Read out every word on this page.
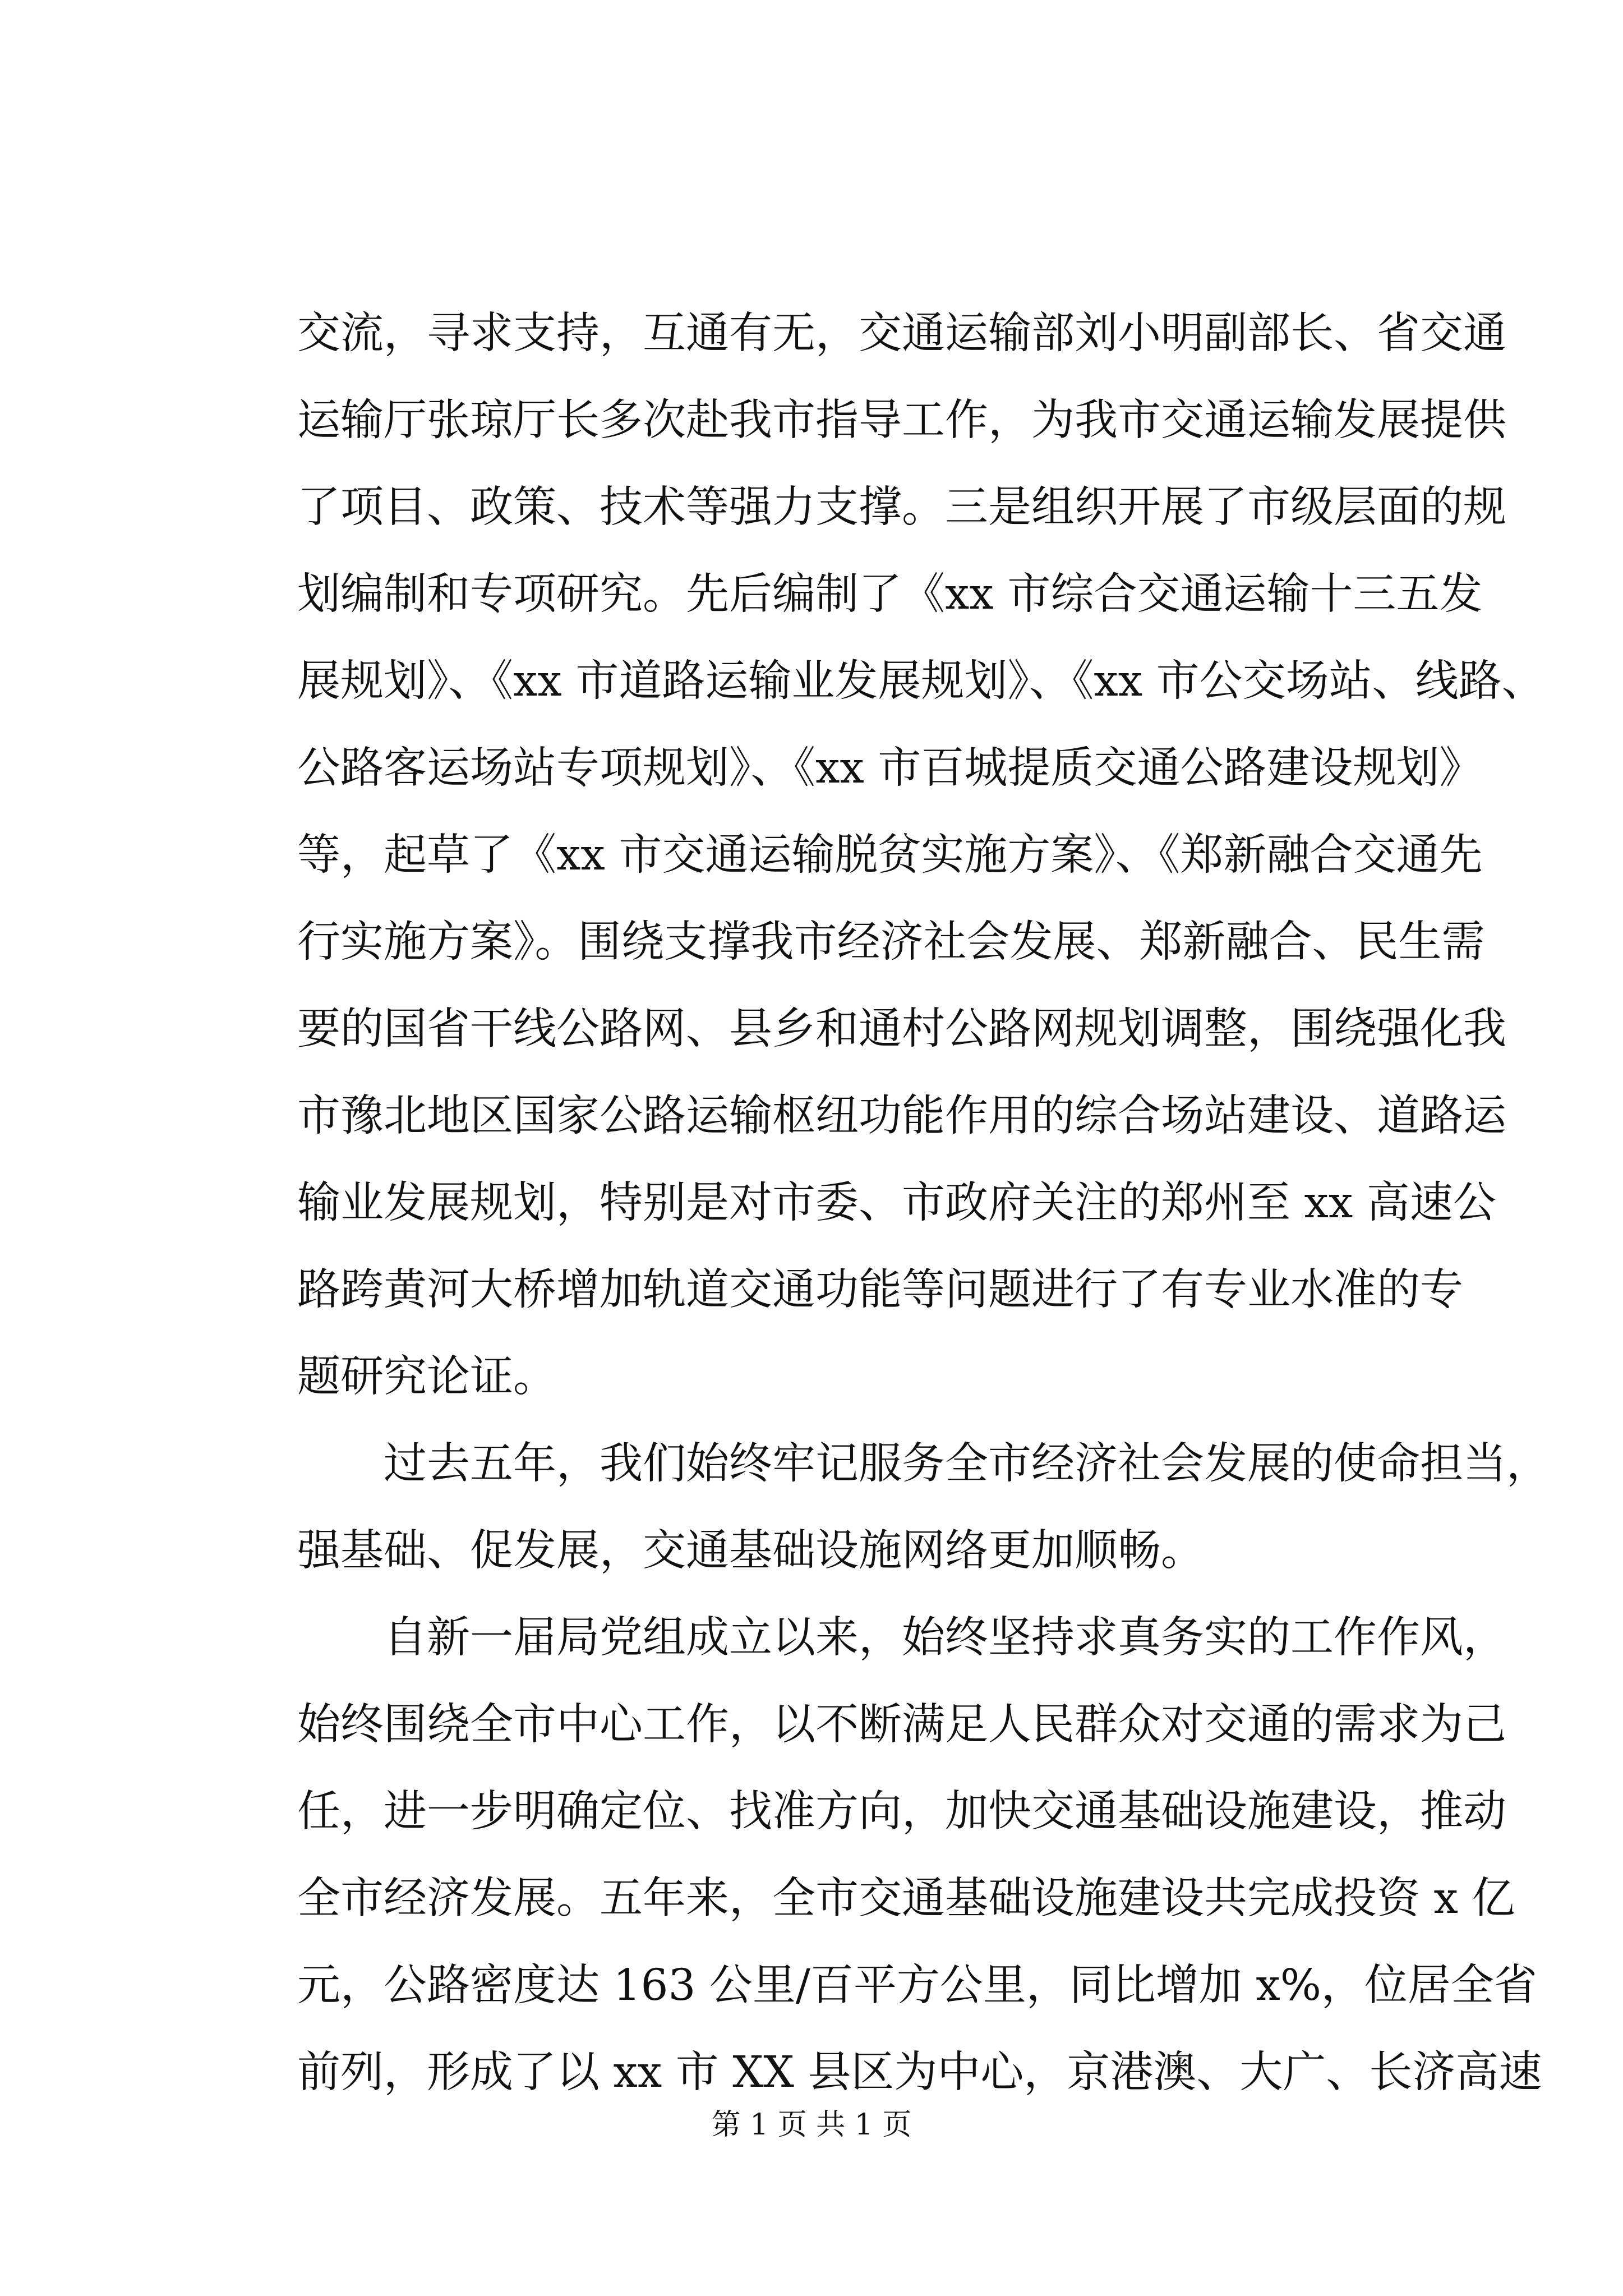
交流，寻求支持，互通有无，交通运输部刘小明副部长、省交通
运输厅张琼厅长多次赴我市指导工作，为我市交通运输发展提供
了项目、政策、技术等强力支撑。三是组织开展了市级层面的规
划编制和专项研究。先后编制了《xx 市综合交通运输十三五发
展规划》、《xx 市道路运输业发展规划》、《xx 市公交场站、线路、
公路客运场站专项规划》、《xx 市百城提质交通公路建设规划》
等，起草了《xx 市交通运输脱贫实施方案》、《郑新融合交通先
行实施方案》。围绕支撑我市经济社会发展、郑新融合、民生需
要的国省干线公路网、县乡和通村公路网规划调整，围绕强化我
市豫北地区国家公路运输枢纽功能作用的综合场站建设、道路运
输业发展规划，特别是对市委、市政府关注的郑州至 xx 高速公
路跨黄河大桥增加轨道交通功能等问题进行了有专业水准的专
题研究论证。
过去五年，我们始终牢记服务全市经济社会发展的使命担当，
强基础、促发展，交通基础设施网络更加顺畅。
自新一届局党组成立以来，始终坚持求真务实的工作作风，
始终围绕全市中心工作，以不断满足人民群众对交通的需求为己
任，进一步明确定位、找准方向，加快交通基础设施建设，推动
全市经济发展。五年来，全市交通基础设施建设共完成投资 x 亿
元，公路密度达 163 公里/百平方公里，同比增加 x%，位居全省
前列，形成了以 xx 市 XX 县区为中心，京港澳、大广、长济高速
第 1 页 共 1 页
